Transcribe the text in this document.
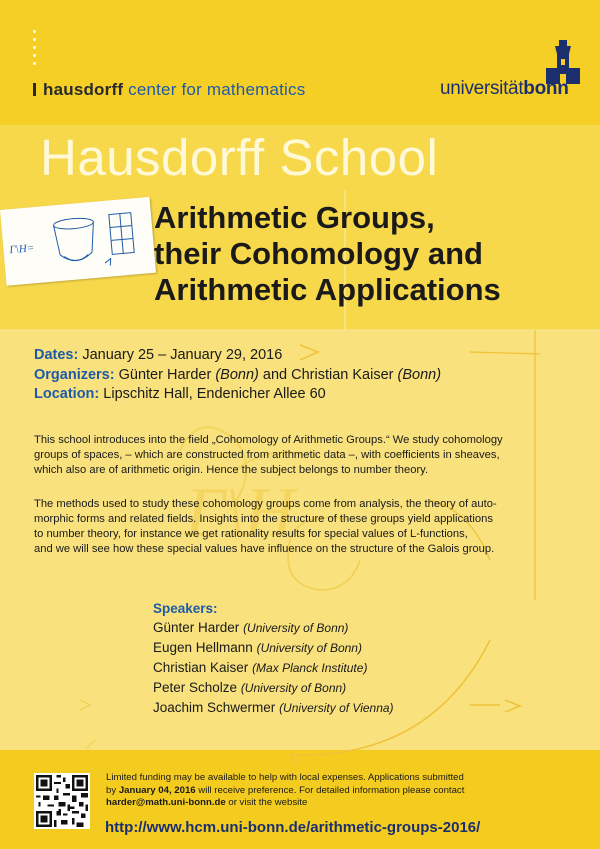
Γ\H
hausdorff center for mathematics	universitätbonn
Hausdorff School
Γ\H=
Arithmetic Groups,
their Cohomology and
Arithmetic Applications
Dates: January 25 – January 29, 2016
Organizers: Günter Harder (Bonn) and Christian Kaiser (Bonn)
Location: Lipschitz Hall, Endenicher Allee 60
This school introduces into the field „Cohomology of Arithmetic Groups.“ We study cohomology
groups of spaces, – which are constructed from arithmetic data –, with coefficients in sheaves,
which also are of arithmetic origin. Hence the subject belongs to number theory.
The methods used to study these cohomology groups come from analysis, the theory of auto-
morphic forms and related fields. Insights into the structure of these groups yield applications
to number theory, for instance we get rationality results for special values of L-functions,
and we will see how these special values have influence on the structure of the Galois group.
Speakers:
Günter Harder (University of Bonn)
Eugen Hellmann (University of Bonn)
Christian Kaiser (Max Planck Institute)
Peter Scholze (University of Bonn)
Joachim Schwermer (University of Vienna)
Limited funding may be available to help with local expenses. Applications submitted
by January 04, 2016 will receive preference. For detailed information please contact
harder@math.uni-bonn.de or visit the website
http://www.hcm.uni-bonn.de/arithmetic-groups-2016/
